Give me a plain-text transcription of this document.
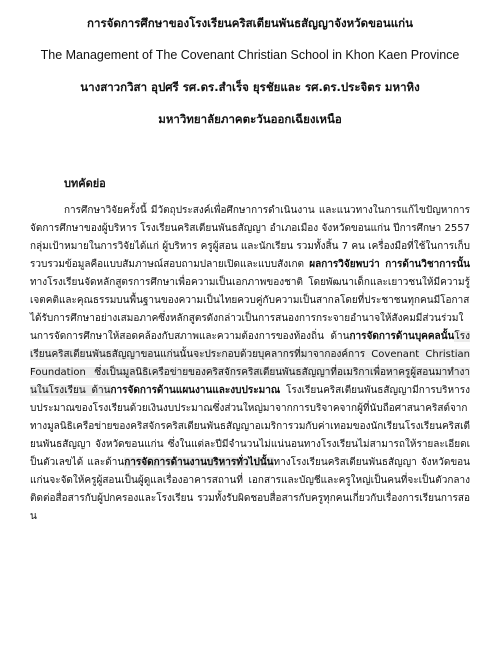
การจัดการศึกษาของโรงเรียนคริสเตียนพันธสัญญาจังหวัดขอนแก่น

The Management of The Covenant Christian School in Khon Kaen Province

นางสาวกวิสา อุปศรี รศ.ดร.สำเร็จ ยุรชัยและ รศ.ดร.ประจิตร มหาหิง

มหาวิทยาลัยภาคตะวันออกเฉียงเหนือ

บทคัดย่อ

การศึกษาวิจัยครั้งนี้ มีวัตถุประสงค์เพื่อศึกษาการดำเนินงาน และแนวทางในการแก้ไขปัญหาการจัดการศึกษาของผู้บริหาร โรงเรียนคริสเตียนพันธสัญญา อำเภอเมือง จังหวัดขอนแก่น ปีการศึกษา 2557 กลุ่มเป้าหมายในการวิจัยได้แก่ ผู้บริหาร ครูผู้สอน และนักเรียน รวมทั้งสิ้น 7 คน เครื่องมือที่ใช้ในการเก็บรวบรวมข้อมูลคือแบบสัมภาษณ์สอบถามปลายเปิดและแบบสังเกต ผลการวิจัยพบว่า การด้านวิชาการนั้นทางโรงเรียนจัดหลักสูตรการศึกษาเพื่อความเป็นเอกภาพของชาติ โดยพัฒนาเด็กและเยาวชนให้มีความรู้ เจตคติและคุณธรรมบนพื้นฐานของความเป็นไทยควบคู่กับความเป็นสากลโดยที่ประชาชนทุกคนมีโอกาสได้รับการศึกษาอย่างเสมอภาคซึ่งหลักสูตรดังกล่าวเป็นการสนองการกระจายอำนาจให้สังคมมีส่วนร่วมในการจัดการศึกษาให้สอดคล้องกับสภาพและความต้องการของท้องถิ่น ด้านการจัดการด้านบุคคลนั้นโรงเรียนคริสเตียนพันธสัญญาขอนแก่นนั้นจะประกอบด้วยบุคลากรที่มาจากองค์การ Covenant Christian Foundation ซึ่งเป็นมูลนิธิเครือข่ายของคริสจักรคริสเตียนพันธสัญญาที่อเมริกาเพื่อหาครูผู้สอนมาทำงานในโรงเรียน ด้านการจัดการด้านแผนงานและงบประมาณ โรงเรียนคริสเตียนพันธสัญญามีการบริหารงบประมาณของโรงเรียนด้วยเงินงบประมาณซึ่งส่วนใหญ่มาจากการบริจาคจากผู้ที่นับถือศาสนาคริสต์จากทางมูลนิธิเครือข่ายของคริสจักรคริสเตียนพันธสัญญาอเมริการวมกับค่าเทอมของนักเรียนโรงเรียนคริสเตียนพันธสัญญา จังหวัดขอนแก่น ซึ่งในแต่ละปีมีจำนวนไม่แน่นอนทางโรงเรียนไม่สามารถให้รายละเอียดเป็นตัวเลขได้ และด้านการจัดการด้านงานบริหารทั่วไปนั้นทางโรงเรียนคริสเตียนพันธสัญญา จังหวัดขอนแก่นจะจัดให้ครูผู้สอนเป็นผู้ดูแลเรื่องอาคารสถานที่ เอกสารและบัญชีและครูใหญ่เป็นคนที่จะเป็นตัวกลางติดต่อสื่อสารกับผู้ปกครองและโรงเรียน รวมทั้งรับผิดชอบสื่อสารกับครูทุกคนเกี่ยวกับเรื่องการเรียนการสอน
